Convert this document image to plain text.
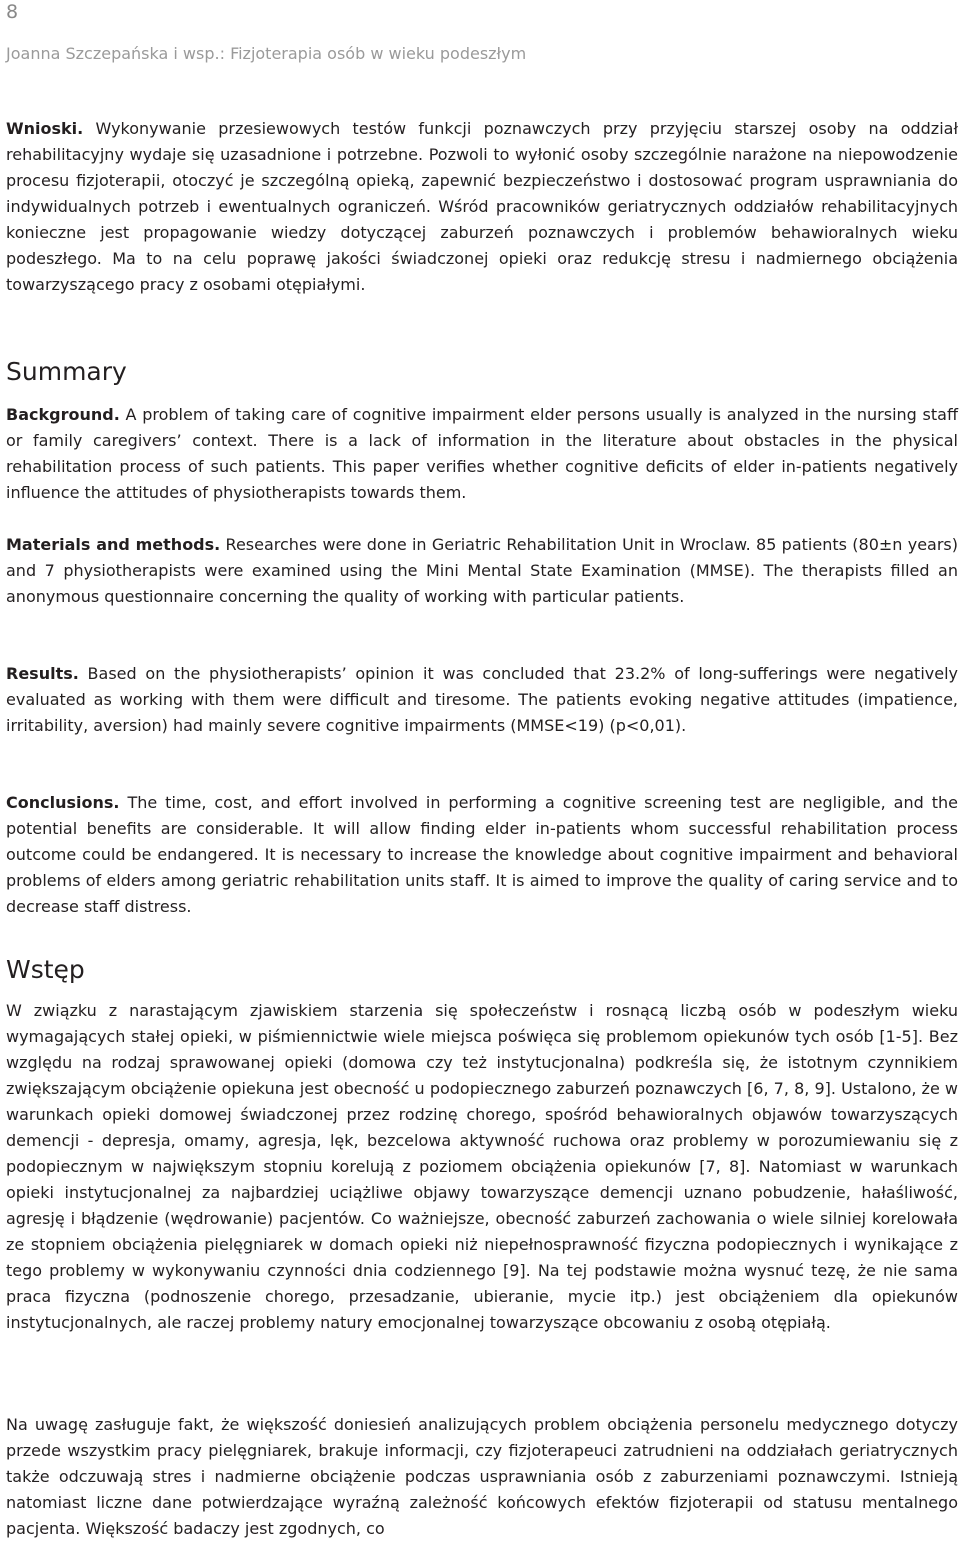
8
Joanna Szczepańska i wsp.: Fizjoterapia osób w wieku podeszłym

Wnioski. Wykonywanie przesiewowych testów funkcji poznawczych przy przyjęciu starszej osoby na oddział rehabilitacyjny wydaje się uzasadnione i potrzebne. Pozwoli to wyłonić osoby szczególnie narażone na niepowodzenie procesu fizjoterapii, otoczyć je szczególną opieką, zapewnić bezpieczeństwo i dostosować program usprawniania do indywidualnych potrzeb i ewentualnych ograniczeń. Wśród pracowników geriatrycznych oddziałów rehabilitacyjnych konieczne jest propagowanie wiedzy dotyczącej zaburzeń poznawczych i problemów behawioralnych wieku podeszłego. Ma to na celu poprawę jakości świadczonej opieki oraz redukcję stresu i nadmiernego obciążenia towarzyszącego pracy z osobami otępiałymi.

Summary

Background. A problem of taking care of cognitive impairment elder persons usually is analyzed in the nursing staff or family caregivers’ context. There is a lack of information in the literature about obstacles in the physical rehabilitation process of such patients. This paper verifies whether cognitive deficits of elder in-patients negatively influence the attitudes of physiotherapists towards them.

Materials and methods. Researches were done in Geriatric Rehabilitation Unit in Wroclaw. 85 patients (80±n years) and 7 physiotherapists were examined using the Mini Mental State Examination (MMSE). The therapists filled an anonymous questionnaire concerning the quality of working with particular patients.

Results. Based on the physiotherapists’ opinion it was concluded that 23.2% of long-sufferings were negatively evaluated as working with them were difficult and tiresome. The patients evoking negative attitudes (impatience, irritability, aversion) had mainly severe cognitive impairments (MMSE<19) (p<0,01).

Conclusions. The time, cost, and effort involved in performing a cognitive screening test are negligible, and the potential benefits are considerable. It will allow finding elder in-patients whom successful rehabilitation process outcome could be endangered. It is necessary to increase the knowledge about cognitive impairment and behavioral problems of elders among geriatric rehabilitation units staff. It is aimed to improve the quality of caring service and to decrease staff distress.

Wstęp

W związku z narastającym zjawiskiem starzenia się społeczeństw i rosnącą liczbą osób w podeszłym wieku wymagających stałej opieki, w piśmiennictwie wiele miejsca poświęca się problemom opiekunów tych osób [1-5]. Bez względu na rodzaj sprawowanej opieki (domowa czy też instytucjonalna) podkreśla się, że istotnym czynnikiem zwiększającym obciążenie opiekuna jest obecność u podopiecznego zaburzeń poznawczych [6, 7, 8, 9]. Ustalono, że w warunkach opieki domowej świadczonej przez rodzinę chorego, spośród behawioralnych objawów towarzyszących demencji - depresja, omamy, agresja, lęk, bezcelowa aktywność ruchowa oraz problemy w porozumiewaniu się z podopiecznym w największym stopniu korelują z poziomem obciążenia opiekunów [7, 8]. Natomiast w warunkach opieki instytucjonalnej za najbardziej uciążliwe objawy towarzyszące demencji uznano pobudzenie, hałaśliwość, agresję i błądzenie (wędrowanie) pacjentów. Co ważniejsze, obecność zaburzeń zachowania o wiele silniej korelowała ze stopniem obciążenia pielęgniarek w domach opieki niż niepełnosprawność fizyczna podopiecznych i wynikające z tego problemy w wykonywaniu czynności dnia codziennego [9]. Na tej podstawie można wysnuć tezę, że nie sama praca fizyczna (podnoszenie chorego, przesadzanie, ubieranie, mycie itp.) jest obciążeniem dla opiekunów instytucjonalnych, ale raczej problemy natury emocjonalnej towarzyszące obcowaniu z osobą otępiałą.

Na uwagę zasługuje fakt, że większość doniesień analizujących problem obciążenia personelu medycznego dotyczy przede wszystkim pracy pielęgniarek, brakuje informacji, czy fizjoterapeuci zatrudnieni na oddziałach geriatrycznych także odczuwają stres i nadmierne obciążenie podczas usprawniania osób z zaburzeniami poznawczymi. Istnieją natomiast liczne dane potwierdzające wyraźną zależność końcowych efektów fizjoterapii od statusu mentalnego pacjenta. Większość badaczy jest zgodnych, co
